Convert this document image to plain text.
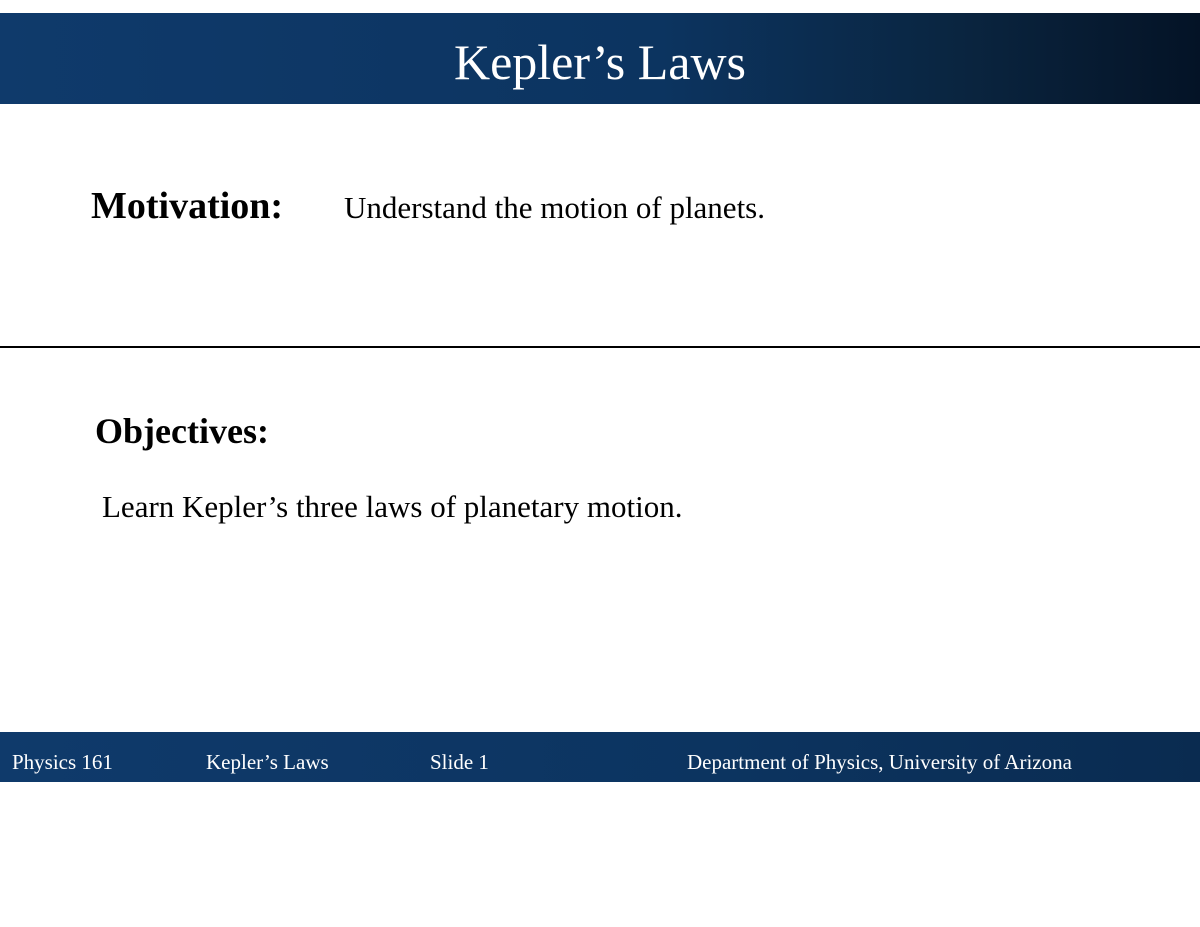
Kepler’s Laws
Motivation: Understand the motion of planets.
Objectives:
Learn Kepler’s three laws of planetary motion.
Physics 161	Kepler’s Laws	Slide 1	Department of Physics, University of Arizona
